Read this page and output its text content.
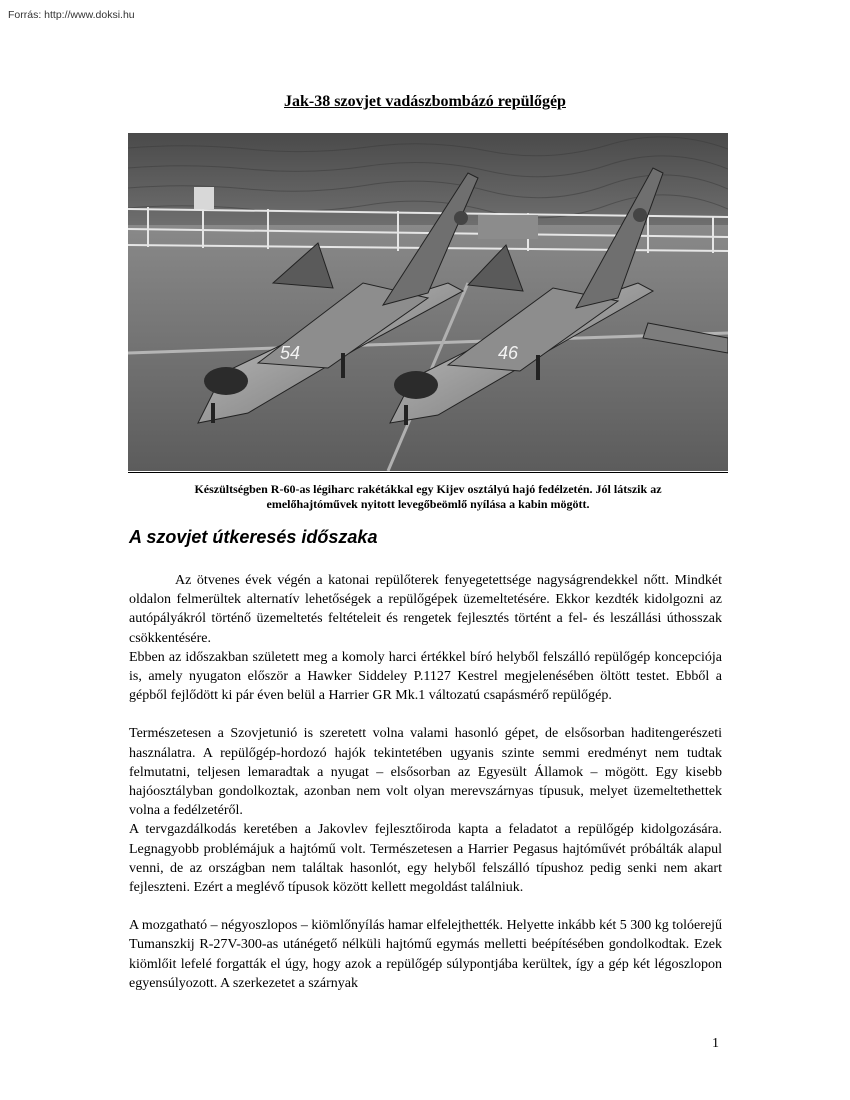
Forrás: http://www.doksi.hu
Jak-38 szovjet vadászbombázó repülőgép
54	46
Készültségben R-60-as légiharc rakétákkal egy Kijev osztályú hajó fedélzetén. Jól látszik az
emelőhajtóművek nyitott levegőbeömlő nyílása a kabin mögött.
A szovjet útkeresés időszaka

Az ötvenes évek végén a katonai repülőterek fenyegetettsége nagyságrendekkel nőtt. Mindkét oldalon felmerültek alternatív lehetőségek a repülőgépek üzemeltetésére. Ekkor kezdték kidolgozni az autópályákról történő üzemeltetés feltételeit és rengetek fejlesztés történt a fel- és leszállási úthosszak csökkentésére.

Ebben az időszakban született meg a komoly harci értékkel bíró helyből felszálló repülőgép koncepciója is, amely nyugaton először a Hawker Siddeley P.1127 Kestrel megjelenésében öltött testet. Ebből a gépből fejlődött ki pár éven belül a Harrier GR Mk.1 változatú csapásmérő repülőgép.

Természetesen a Szovjetunió is szeretett volna valami hasonló gépet, de elsősorban haditengerészeti használatra. A repülőgép-hordozó hajók tekintetében ugyanis szinte semmi eredményt nem tudtak felmutatni, teljesen lemaradtak a nyugat – elsősorban az Egyesült Államok – mögött. Egy kisebb hajóosztályban gondolkoztak, azonban nem volt olyan merevszárnyas típusuk, melyet üzemeltethettek volna a fedélzetéről.

A tervgazdálkodás keretében a Jakovlev fejlesztőiroda kapta a feladatot a repülőgép kidolgozására. Legnagyobb problémájuk a hajtómű volt. Természetesen a Harrier Pegasus hajtóművét próbálták alapul venni, de az országban nem találtak hasonlót, egy helyből felszálló típushoz pedig senki nem akart fejleszteni. Ezért a meglévő típusok között kellett megoldást találniuk.

A mozgatható – négyoszlopos – kiömlőnyílás hamar elfelejthették. Helyette inkább két 5 300 kg tolóerejű Tumanszkij R-27V-300-as utánégető nélküli hajtómű egymás melletti beépítésében gondolkodtak. Ezek kiömlőit lefelé forgatták el úgy, hogy azok a repülőgép súlypontjába kerültek, így a gép két légoszlopon egyensúlyozott. A szerkezetet a szárnyak

1
